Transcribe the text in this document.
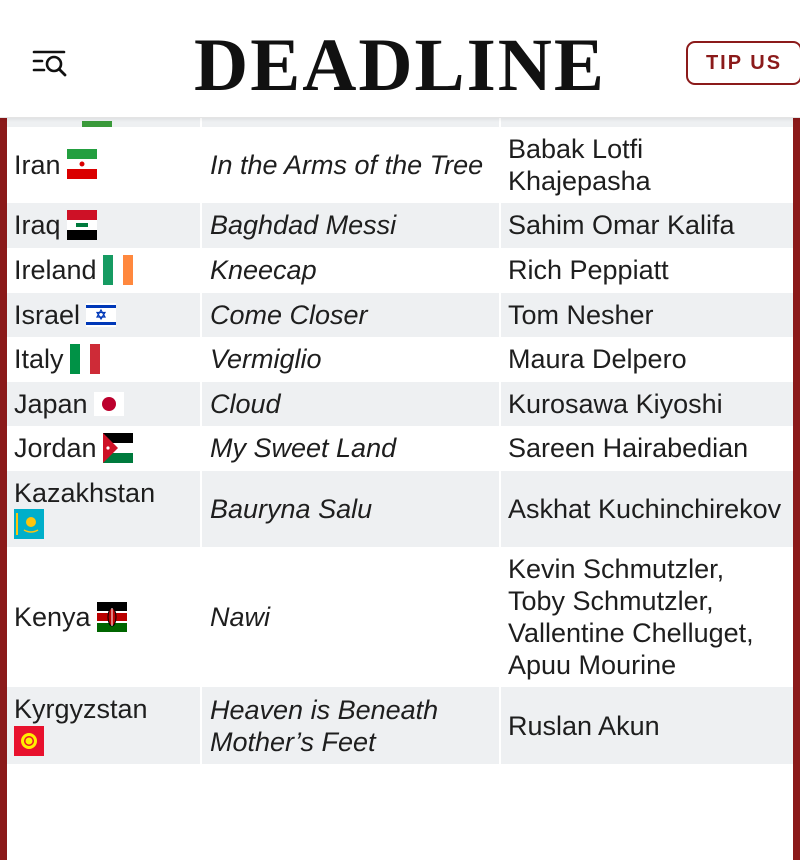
DEADLINE	TIP US

Iran	In the Arms of the Tree	Babak Lotfi Khajepasha
Iraq	Baghdad Messi	Sahim Omar Kalifa
Ireland	Kneecap	Rich Peppiatt
Israel	Come Closer	Tom Nesher
Italy	Vermiglio	Maura Delpero
Japan	Cloud	Kurosawa Kiyoshi
Jordan	My Sweet Land	Sareen Hairabedian
Kazakhstan	Bauryna Salu	Askhat Kuchinchirekov
Kenya	Nawi	Kevin Schmutzler, Toby Schmutzler, Vallentine Chelluget, Apuu Mourine
Kyrgyzstan	Heaven is Beneath Mother’s Feet	Ruslan Akun
